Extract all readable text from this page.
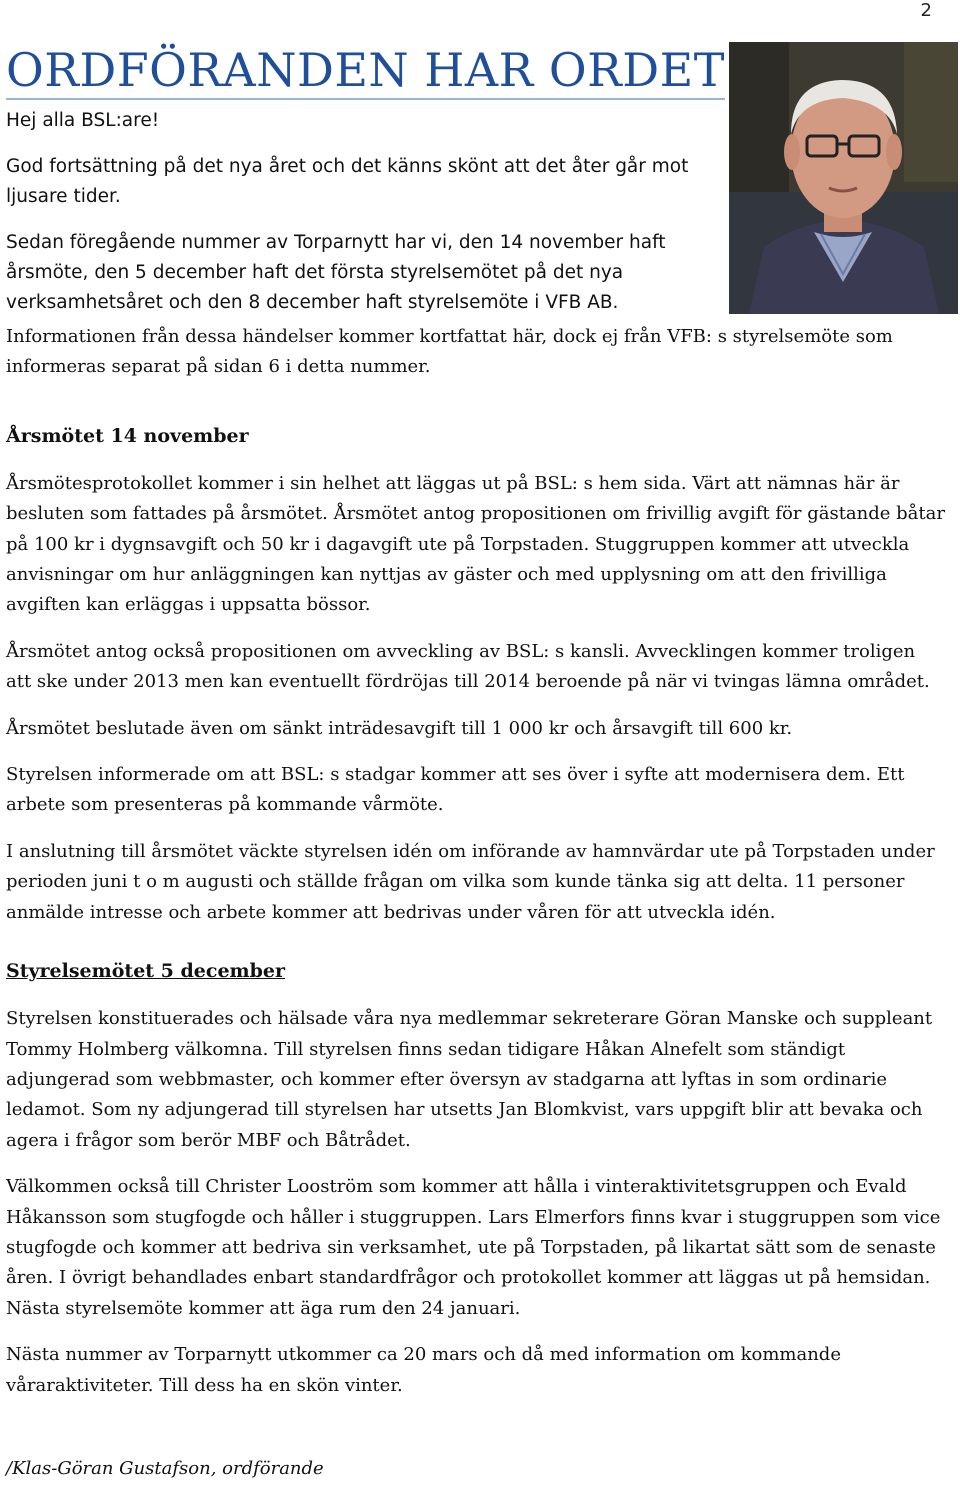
2
ORDFÖRANDEN HAR ORDET

Hej alla BSL:are!

God fortsättning på det nya året och det känns skönt att det åter går mot ljusare tider.

Sedan föregående nummer av Torparnytt har vi, den 14 november haft årsmöte, den 5 december haft det första styrelsemötet på det nya verksamhetsåret och den 8 december haft styrelsemöte i VFB AB.

Informationen från dessa händelser kommer kortfattat här, dock ej från VFB: s styrelsemöte som informeras separat på sidan 6 i detta nummer.

Årsmötet 14 november

Årsmötesprotokollet kommer i sin helhet att läggas ut på BSL: s hem sida. Värt att nämnas här är besluten som fattades på årsmötet. Årsmötet antog propositionen om frivillig avgift för gästande båtar på 100 kr i dygnsavgift och 50 kr i dagavgift ute på Torpstaden. Stuggruppen kommer att utveckla anvisningar om hur anläggningen kan nyttjas av gäster och med upplysning om att den frivilliga avgiften kan erläggas i uppsatta bössor.

Årsmötet antog också propositionen om avveckling av BSL: s kansli. Avvecklingen kommer troligen att ske under 2013 men kan eventuellt fördröjas till 2014 beroende på när vi tvingas lämna området.

Årsmötet beslutade även om sänkt inträdesavgift till 1 000 kr och årsavgift till 600 kr.

Styrelsen informerade om att BSL: s stadgar kommer att ses över i syfte att modernisera dem. Ett arbete som presenteras på kommande vårmöte.

I anslutning till årsmötet väckte styrelsen idén om införande av hamnvärdar ute på Torpstaden under perioden juni t o m augusti och ställde frågan om vilka som kunde tänka sig att delta. 11 personer anmälde intresse och arbete kommer att bedrivas under våren för att utveckla idén.

Styrelsemötet 5 december

Styrelsen konstituerades och hälsade våra nya medlemmar sekreterare Göran Manske och suppleant Tommy Holmberg välkomna. Till styrelsen finns sedan tidigare Håkan Alnefelt som ständigt adjungerad som webbmaster, och kommer efter översyn av stadgarna att lyftas in som ordinarie ledamot. Som ny adjungerad till styrelsen har utsetts Jan Blomkvist, vars uppgift blir att bevaka och agera i frågor som berör MBF och Båtrådet.

Välkommen också till Christer Looström som kommer att hålla i vinteraktivitetsgruppen och Evald Håkansson som stugfogde och håller i stuggruppen. Lars Elmerfors finns kvar i stuggruppen som vice stugfogde och kommer att bedriva sin verksamhet, ute på Torpstaden, på likartat sätt som de senaste åren. I övrigt behandlades enbart standardfrågor och protokollet kommer att läggas ut på hemsidan. Nästa styrelsemöte kommer att äga rum den 24 januari.

Nästa nummer av Torparnytt utkommer ca 20 mars och då med information om kommande våraraktiviteter. Till dess ha en skön vinter.

/Klas-Göran Gustafson, ordförande
